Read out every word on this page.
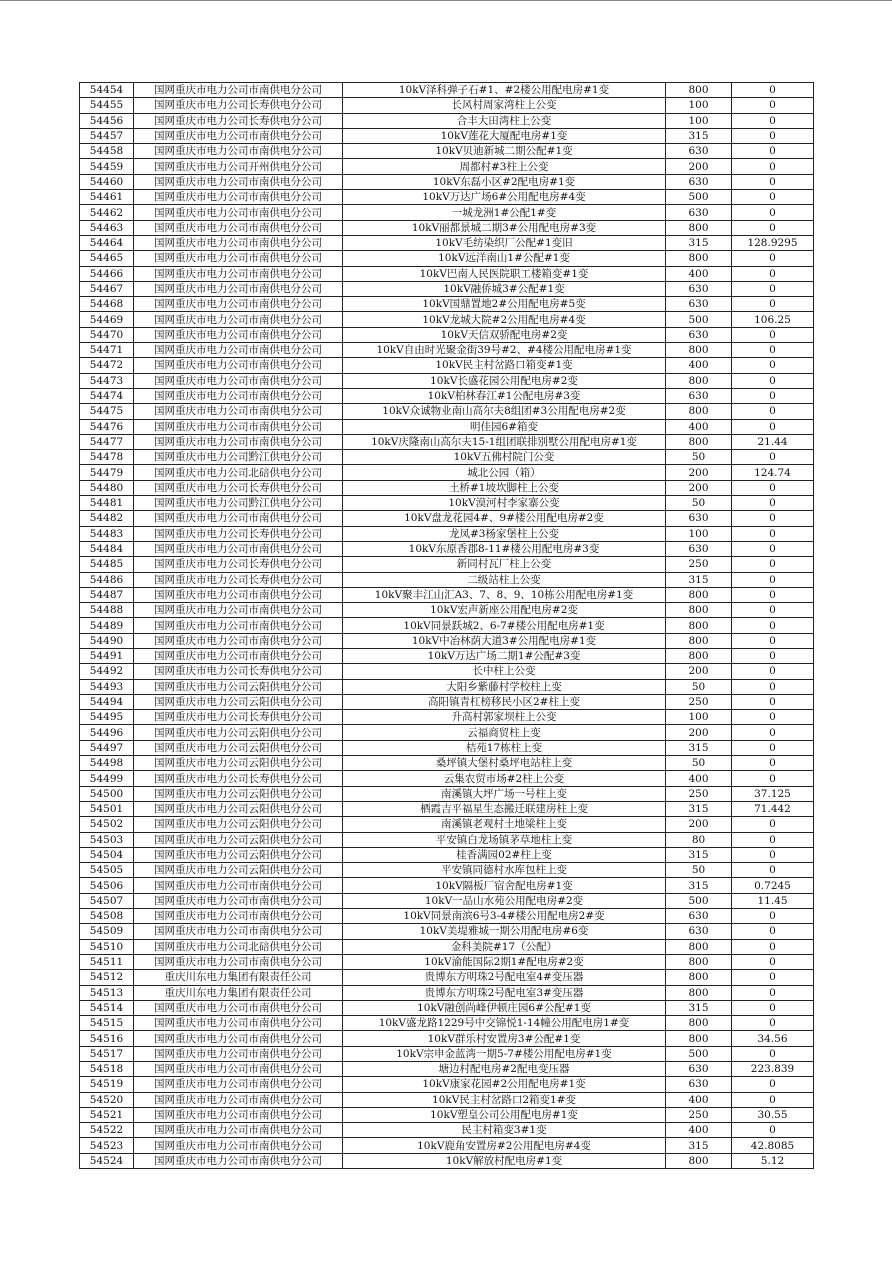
54454	国网重庆市电力公司市南供电分公司	10kV泽科弹子石#1、#2楼公用配电房#1变	800	0
54455	国网重庆市电力公司长寿供电分公司	长风村周家湾柱上公变	100	0
54456	国网重庆市电力公司长寿供电分公司	合丰大田湾柱上公变	100	0
54457	国网重庆市电力公司市南供电分公司	10kV莲花大厦配电房#1变	315	0
54458	国网重庆市电力公司市南供电分公司	10kV贝迪新城二期公配#1变	630	0
54459	国网重庆市电力公司开州供电分公司	周都村#3柱上公变	200	0
54460	国网重庆市电力公司市南供电分公司	10kV东磊小区#2配电房#1变	630	0
54461	国网重庆市电力公司市南供电分公司	10kV万达广场6#公用配电房#4变	500	0
54462	国网重庆市电力公司市南供电分公司	一城龙洲1#公配1#变	630	0
54463	国网重庆市电力公司市南供电分公司	10kV丽都景城二期3#公用配电房#3变	800	0
54464	国网重庆市电力公司市南供电分公司	10kV毛纺染织厂公配#1变旧	315	128.9295
54465	国网重庆市电力公司市南供电分公司	10kV远洋南山1#公配#1变	800	0
54466	国网重庆市电力公司市南供电分公司	10kV巴南人民医院职工楼箱变#1变	400	0
54467	国网重庆市电力公司市南供电分公司	10kV融侨城3#公配#1变	630	0
54468	国网重庆市电力公司市南供电分公司	10kV国鼎置地2#公用配电房#5变	630	0
54469	国网重庆市电力公司市南供电分公司	10kV龙城大院#2公用配电房#4变	500	106.25
54470	国网重庆市电力公司市南供电分公司	10kV天信双骄配电房#2变	630	0
54471	国网重庆市电力公司市南供电分公司	10kV自由时光聚金街39号#2、#4楼公用配电房#1变	800	0
54472	国网重庆市电力公司市南供电分公司	10kV民主村岔路口箱变#1变	400	0
54473	国网重庆市电力公司市南供电分公司	10kV长盛花园公用配电房#2变	800	0
54474	国网重庆市电力公司市南供电分公司	10kV柏林春江#1公配电房#3变	630	0
54475	国网重庆市电力公司市南供电分公司	10kV众诚物业南山高尔夫8组团#3公用配电房#2变	800	0
54476	国网重庆市电力公司市南供电分公司	明佳园6#箱变	400	0
54477	国网重庆市电力公司市南供电分公司	10kV庆隆南山高尔夫15-1组团联排别墅公用配电房#1变	800	21.44
54478	国网重庆市电力公司黔江供电分公司	10kV五佛村院门公变	50	0
54479	国网重庆市电力公司北碚供电分公司	城北公园（箱）	200	124.74
54480	国网重庆市电力公司长寿供电分公司	土桥#1坡坎脚柱上公变	200	0
54481	国网重庆市电力公司黔江供电分公司	10kV漠河村李家寨公变	50	0
54482	国网重庆市电力公司市南供电分公司	10kV盘龙花园4#、9#楼公用配电房#2变	630	0
54483	国网重庆市电力公司长寿供电分公司	龙凤#3杨家堡柱上公变	100	0
54484	国网重庆市电力公司市南供电分公司	10kV东原香郡8-11#楼公用配电房#3变	630	0
54485	国网重庆市电力公司长寿供电分公司	新同村瓦厂柱上公变	250	0
54486	国网重庆市电力公司长寿供电分公司	二级站柱上公变	315	0
54487	国网重庆市电力公司市南供电分公司	10kV聚丰江山汇A3、7、8、9、10栋公用配电房#1变	800	0
54488	国网重庆市电力公司市南供电分公司	10kV宏声新座公用配电房#2变	800	0
54489	国网重庆市电力公司市南供电分公司	10kV同景跃城2、6-7#楼公用配电房#1变	800	0
54490	国网重庆市电力公司市南供电分公司	10kV中冶林荫大道3#公用配电房#1变	800	0
54491	国网重庆市电力公司市南供电分公司	10kV万达广场二期1#公配#3变	800	0
54492	国网重庆市电力公司长寿供电分公司	长中柱上公变	200	0
54493	国网重庆市电力公司云阳供电分公司	大阳乡紫藤村学校柱上变	50	0
54494	国网重庆市电力公司云阳供电分公司	高阳镇青杠榜移民小区2#柱上变	250	0
54495	国网重庆市电力公司长寿供电分公司	升高村郭家坝柱上公变	100	0
54496	国网重庆市电力公司云阳供电分公司	云福商贸柱上变	200	0
54497	国网重庆市电力公司云阳供电分公司	桔苑17栋柱上变	315	0
54498	国网重庆市电力公司云阳供电分公司	桑坪镇大堡村桑坪电站柱上变	50	0
54499	国网重庆市电力公司长寿供电分公司	云集农贸市场#2柱上公变	400	0
54500	国网重庆市电力公司云阳供电分公司	南溪镇大坪广场一号柱上变	250	37.125
54501	国网重庆市电力公司云阳供电分公司	栖霞吉平福星生态搬迁联建房柱上变	315	71.442
54502	国网重庆市电力公司云阳供电分公司	南溪镇老观村土地梁柱上变	200	0
54503	国网重庆市电力公司云阳供电分公司	平安镇白龙场镇茅草地柱上变	80	0
54504	国网重庆市电力公司云阳供电分公司	桂香满园02#柱上变	315	0
54505	国网重庆市电力公司云阳供电分公司	平安镇同德村水库包柱上变	50	0
54506	国网重庆市电力公司市南供电分公司	10kV隔板厂宿舍配电房#1变	315	0.7245
54507	国网重庆市电力公司市南供电分公司	10kV一品山水苑公用配电房#2变	500	11.45
54508	国网重庆市电力公司市南供电分公司	10kV同景南滨6号3-4#楼公用配电房2#变	630	0
54509	国网重庆市电力公司市南供电分公司	10kV美堤雅城一期公用配电房#6变	630	0
54510	国网重庆市电力公司北碚供电分公司	金科美院#17（公配）	800	0
54511	国网重庆市电力公司市南供电分公司	10kV渝能国际2期1#配电房#2变	800	0
54512	重庆川东电力集团有限责任公司	贵博东方明珠2号配电室4#变压器	800	0
54513	重庆川东电力集团有限责任公司	贵博东方明珠2号配电室3#变压器	800	0
54514	国网重庆市电力公司市南供电分公司	10kV融创尚峰伊顿庄园6#公配#1变	315	0
54515	国网重庆市电力公司市南供电分公司	10kV盛龙路1229号中交锦悦1-14幢公用配电房1#变	800	0
54516	国网重庆市电力公司市南供电分公司	10kV群乐村安置房3#公配#1变	800	34.56
54517	国网重庆市电力公司市南供电分公司	10kV宗申金蓝湾一期5-7#楼公用配电房#1变	500	0
54518	国网重庆市电力公司市南供电分公司	塘边村配电房#2配电变压器	630	223.839
54519	国网重庆市电力公司市南供电分公司	10kV康家花园#2公用配电房#1变	630	0
54520	国网重庆市电力公司市南供电分公司	10kV民主村岔路口2箱变1#变	400	0
54521	国网重庆市电力公司市南供电分公司	10kV塑皇公司公用配电房#1变	250	30.55
54522	国网重庆市电力公司市南供电分公司	民主村箱变3#1变	400	0
54523	国网重庆市电力公司市南供电分公司	10kV鹿角安置房#2公用配电房#4变	315	42.8085
54524	国网重庆市电力公司市南供电分公司	10kV解放村配电房#1变	800	5.12
